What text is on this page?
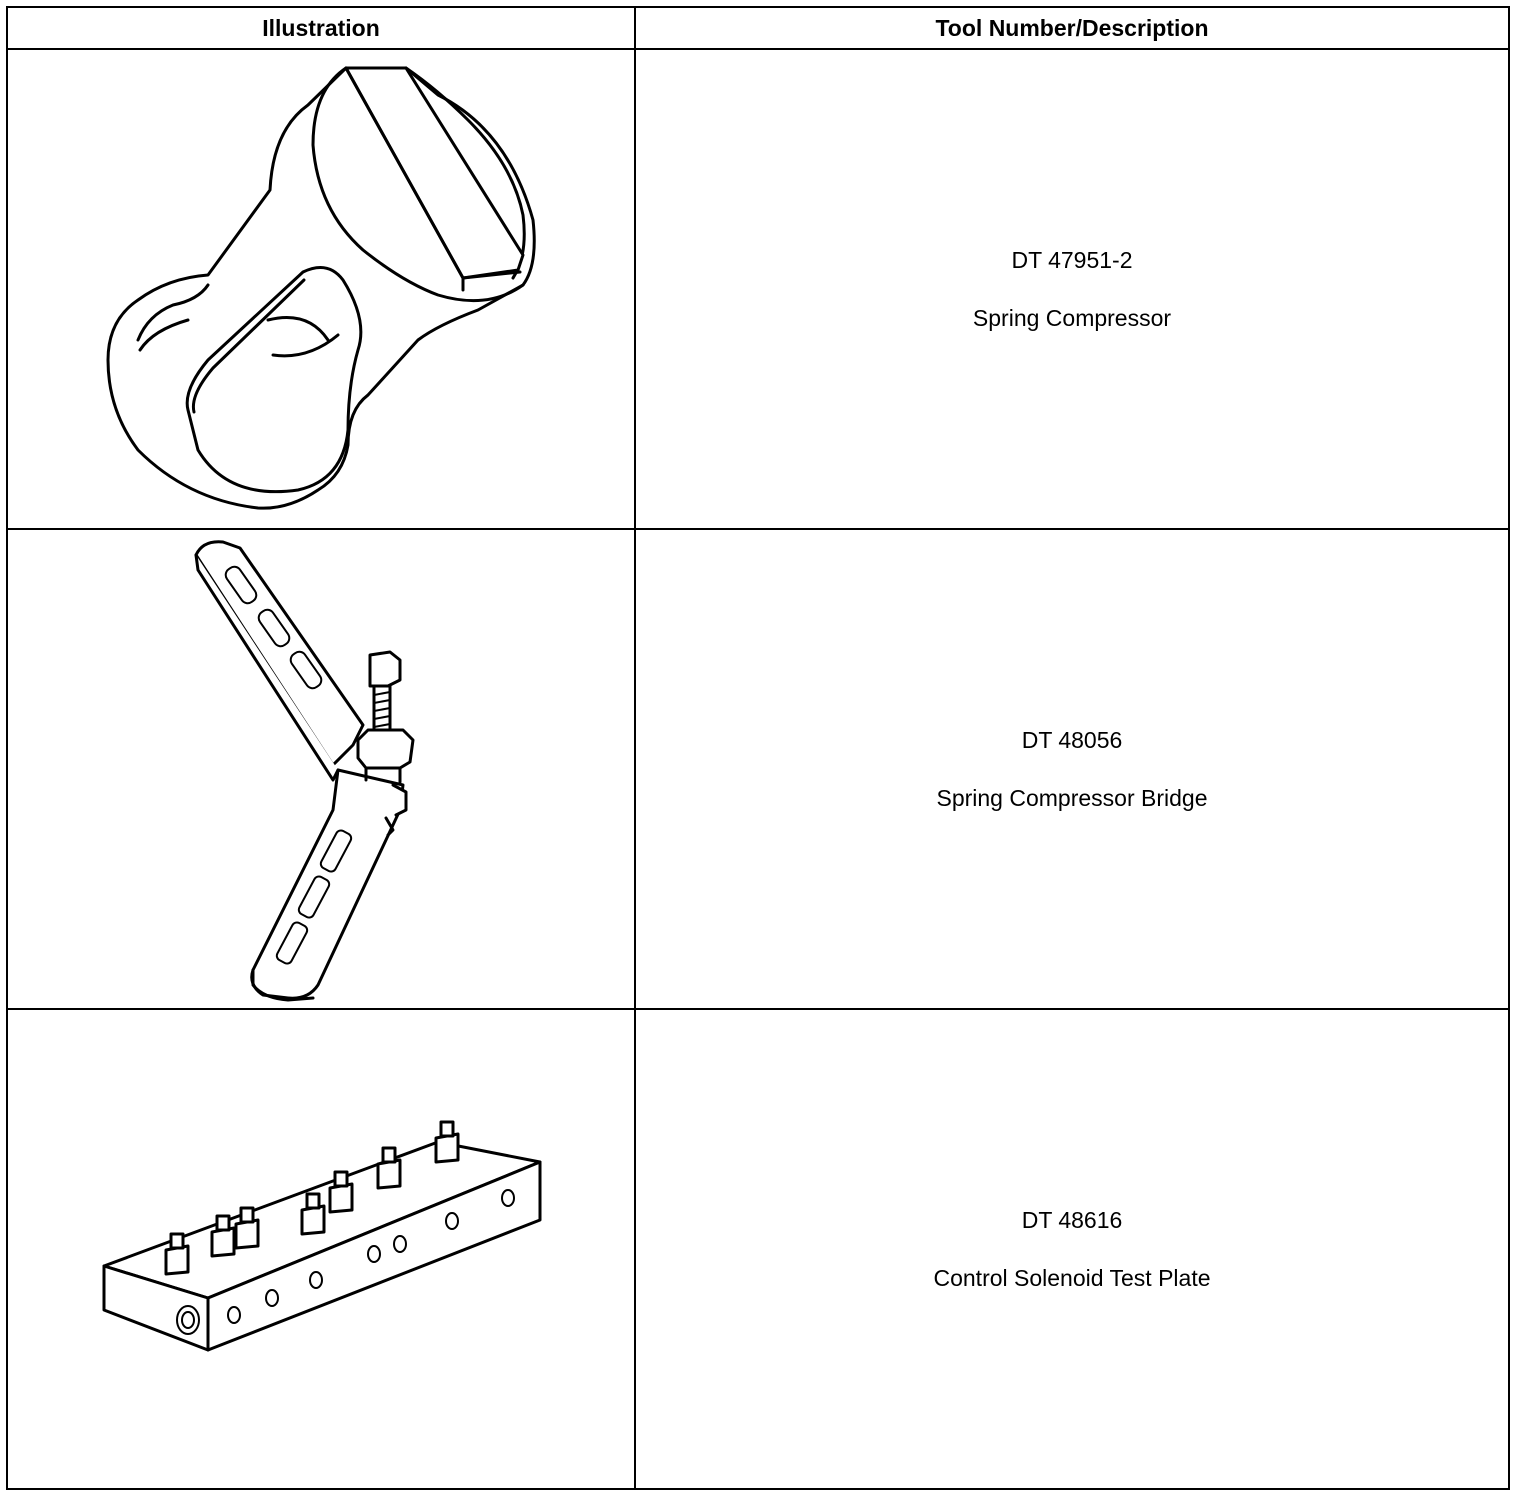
Illustration	Tool Number/Description

DT 47951-2
Spring Compressor

DT 48056
Spring Compressor Bridge

DT 48616
Control Solenoid Test Plate
